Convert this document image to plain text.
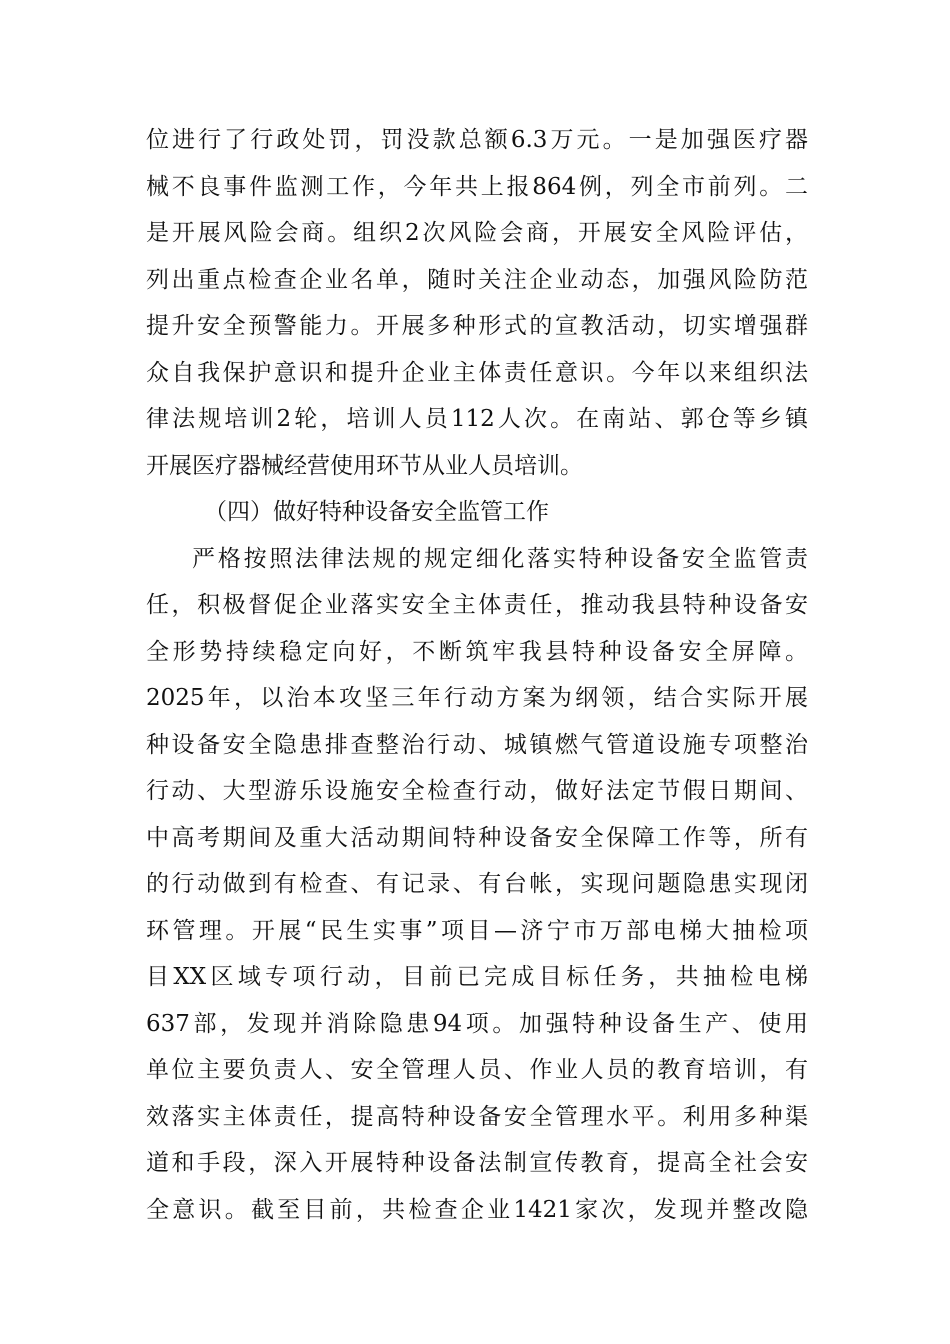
位进行了行政处罚，罚没款总额6.3万元。一是加强医疗器
械不良事件监测工作，今年共上报864例，列全市前列。二
是开展风险会商。组织2次风险会商，开展安全风险评估，
列出重点检查企业名单，随时关注企业动态，加强风险防范
提升安全预警能力。开展多种形式的宣教活动，切实增强群
众自我保护意识和提升企业主体责任意识。今年以来组织法
律法规培训2轮，培训人员112人次。在南站、郭仓等乡镇
开展医疗器械经营使用环节从业人员培训。
（四）做好特种设备安全监管工作
严格按照法律法规的规定细化落实特种设备安全监管责
任，积极督促企业落实安全主体责任，推动我县特种设备安
全形势持续稳定向好，不断筑牢我县特种设备安全屏障。
2025年，以治本攻坚三年行动方案为纲领，结合实际开展
种设备安全隐患排查整治行动、城镇燃气管道设施专项整治
行动、大型游乐设施安全检查行动，做好法定节假日期间、
中高考期间及重大活动期间特种设备安全保障工作等，所有
的行动做到有检查、有记录、有台帐，实现问题隐患实现闭
环管理。开展“民生实事”项目—济宁市万部电梯大抽检项
目XX区域专项行动，目前已完成目标任务，共抽检电梯
637部，发现并消除隐患94项。加强特种设备生产、使用
单位主要负责人、安全管理人员、作业人员的教育培训，有
效落实主体责任，提高特种设备安全管理水平。利用多种渠
道和手段，深入开展特种设备法制宣传教育，提高全社会安
全意识。截至目前，共检查企业1421家次，发现并整改隐
